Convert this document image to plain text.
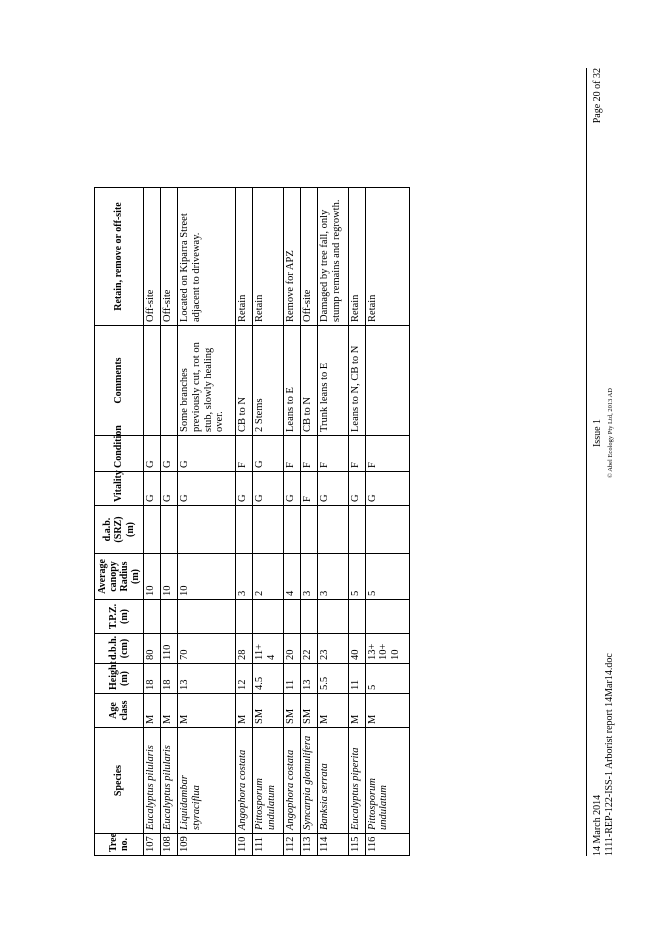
Tree no.	Species	Age class	Height (m)	d.b.h. (cm)	T.P.Z. (m)	Average canopy Radius (m)	d.a.b. (SRZ) (m)	Vitality	Condition	Comments	Retain, remove or off-site
107	Eucalyptus pilularis	M	18	80		10		G	G		Off-site
108	Eucalyptus pilularis	M	18	110		10		G	G		Off-site
109	Liquidambar styraciflua	M	13	70		10		G	G	Some branches previously cut, rot on stub, slowly healing over.	Located on Kiparra Street adjacent to driveway.
110	Angophora costata	M	12	28		3		G	F	CB to N	Retain
111	Pittosporum undulatum	SM	4.5	11+ 4		2		G	G	2 Stems	Retain
112	Angophora costata	SM	11	20		4		G	F	Leans to E	Remove for APZ
113	Syncarpia glomulifera	SM	13	22		3		F	F	CB to N	Off-site
114	Banksia serrata	M	5.5	23		3		G	F	Trunk leans to E	Damaged by tree fall, only stump remains and regrowth.
115	Eucalyptus piperita	M	11	40		5		G	F	Leans to N, CB to N	Retain
116	Pittosporum undulatum	M	5	13+ 10+ 10		5		G	F		Retain
14 March 2014 1111-REP-122-ISS-1 Arborist report 14Mar14.doc
Issue 1 © Abel Ecology Pty Ltd, 2013 AD
Page 20 of 32
